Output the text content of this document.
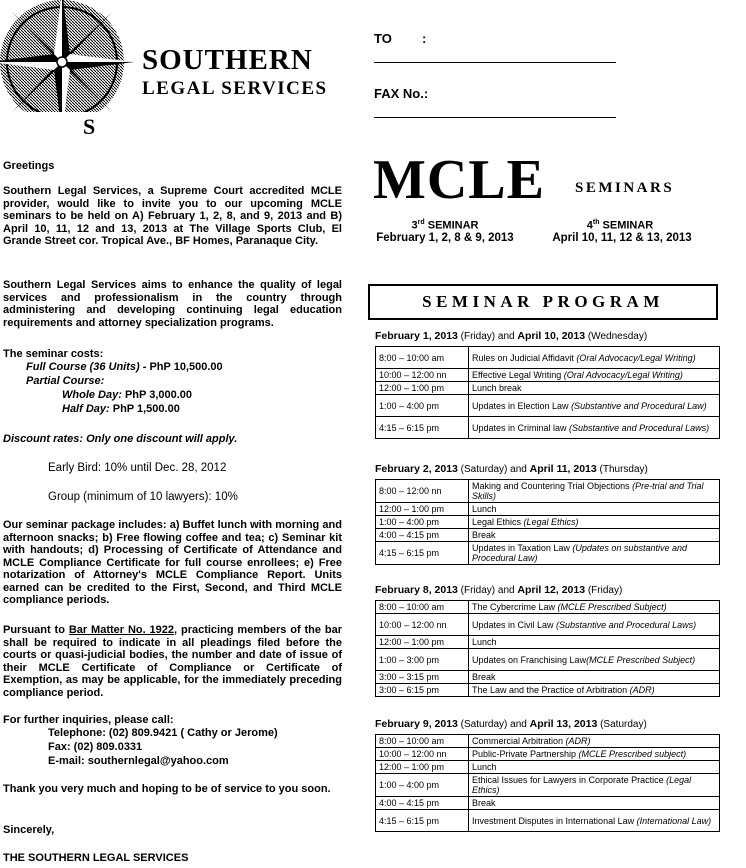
S
SOUTHERN
LEGAL SERVICES
TO :
FAX No.:
MCLE SEMINARS
3rd SEMINAR
February 1, 2, 8 & 9, 2013
4th SEMINAR
April 10, 11, 12 & 13, 2013
Greetings
Southern Legal Services, a Supreme Court accredited MCLE provider, would like to invite you to our upcoming MCLE seminars to be held on A) February 1, 2, 8, and 9, 2013 and B) April 10, 11, 12 and 13, 2013 at The Village Sports Club, El Grande Street cor. Tropical Ave., BF Homes, Paranaque City.
Southern Legal Services aims to enhance the quality of legal services and professionalism in the country through administering and developing continuing legal education requirements and attorney specialization programs.
The seminar costs:
Full Course (36 Units) - PhP 10,500.00
Partial Course:
Whole Day: PhP 3,000.00
Half Day: PhP 1,500.00
Discount rates: Only one discount will apply.
Early Bird: 10% until Dec. 28, 2012
Group (minimum of 10 lawyers): 10%
Our seminar package includes: a) Buffet lunch with morning and afternoon snacks; b) Free flowing coffee and tea; c) Seminar kit with handouts; d) Processing of Certificate of Attendance and MCLE Compliance Certificate for full course enrollees; e) Free notarization of Attorney's MCLE Compliance Report. Units earned can be credited to the First, Second, and Third MCLE compliance periods.
Pursuant to Bar Matter No. 1922, practicing members of the bar shall be required to indicate in all pleadings filed before the courts or quasi-judicial bodies, the number and date of issue of their MCLE Certificate of Compliance or Certificate of Exemption, as may be applicable, for the immediately preceding compliance period.
For further inquiries, please call:
Telephone: (02) 809.9421 ( Cathy or Jerome)
Fax: (02) 809.0331
E-mail: southernlegal@yahoo.com
Thank you very much and hoping to be of service to you soon.
Sincerely,
THE SOUTHERN LEGAL SERVICES
SEMINAR PROGRAM
February 1, 2013 (Friday) and April 10, 2013 (Wednesday)
8:00 – 10:00 am	Rules on Judicial Affidavit (Oral Advocacy/Legal Writing)
10:00 – 12:00 nn	Effective Legal Writing (Oral Advocacy/Legal Writing)
12:00 – 1:00 pm	Lunch break
1:00 – 4:00 pm	Updates in Election Law (Substantive and Procedural Law)
4:15 – 6:15 pm	Updates in Criminal law (Substantive and Procedural Laws)
February 2, 2013 (Saturday) and April 11, 2013 (Thursday)
8:00 – 12:00 nn	Making and Countering Trial Objections (Pre-trial and Trial Skills)
12:00 – 1:00 pm	Lunch
1:00 – 4:00 pm	Legal Ethics (Legal Ethics)
4:00 – 4:15 pm	Break
4:15 – 6:15 pm	Updates in Taxation Law (Updates on substantive and Procedural Law)
February 8, 2013 (Friday) and April 12, 2013 (Friday)
8:00 – 10:00 am	The Cybercrime Law (MCLE Prescribed Subject)
10:00 – 12:00 nn	Updates in Civil Law (Substantive and Procedural Laws)
12:00 – 1:00 pm	Lunch
1:00 – 3:00 pm	Updates on Franchising Law(MCLE Prescribed Subject)
3:00 – 3:15 pm	Break
3:00 – 6:15 pm	The Law and the Practice of Arbitration (ADR)
February 9, 2013 (Saturday) and April 13, 2013 (Saturday)
8:00 – 10:00 am	Commercial Arbitration (ADR)
10:00 – 12:00 nn	Public-Private Partnership (MCLE Prescribed subject)
12:00 – 1:00 pm	Lunch
1:00 – 4:00 pm	Ethical Issues for Lawyers in Corporate Practice (Legal Ethics)
4:00 – 4:15 pm	Break
4:15 – 6:15 pm	Investment Disputes in International Law (International Law)
